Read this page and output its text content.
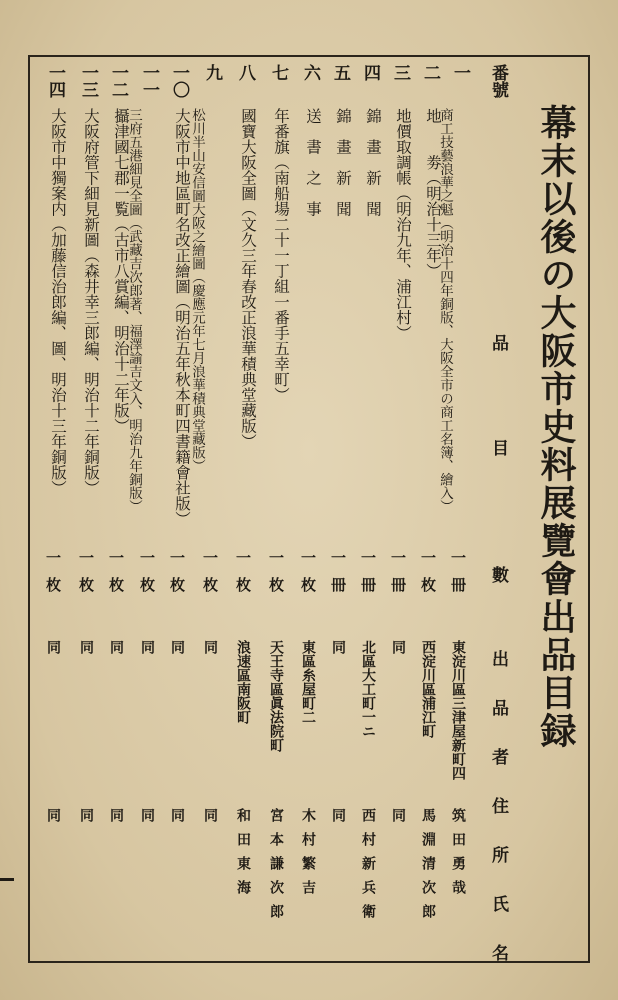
幕末以後の大阪市史料展覽會出品目録
番號
品　　　　目
數
出 品 者 住 所 氏 名
一
商工技藝浪華之魁（明治十四年銅版、大阪全市の商工名簿、繪入）
一冊
東淀川區三津屋新町四
筑田勇哉
二
地　　劵（明治十三年）
一枚
西淀川區浦江町
馬淵清次郎
三
地價取調帳（明治九年、浦江村）
一冊
同
同
四
錦　畫　新　聞
一冊
北區大工町一ニ
西村新兵衛
五
錦　畫　新　聞
一冊
同
同
六
送　書　之　事
一枚
東區糸屋町二
木村繁吉
七
年番旗（南船場二十一丁組一番手五幸町）
一枚
天王寺區眞法院町
宮本謙次郎
八
國寶大阪全圖（文久三年春改正浪華積典堂藏版）
一枚
浪速區南阪町
和田東海
九
松川半山安信圖大阪之繪圖（慶應元年七月浪華積典堂藏版）
一枚
同
同
一〇
大阪市中地區町名改正繪圖（明治五年秋本町四書籍會社版）
一枚
同
同
一一
三府五港細見全圖（武藏吉次郎著、福澤諭吉文入、明治九年銅版）
一枚
同
同
一二
攝津國七郡一覧（古市八賞編、明治十二年版）
一枚
同
同
一三
大阪府管下細見新圖（森井幸三郎編、明治十二年銅版）
一枚
同
同
一四
大阪市中獨案内（加藤信治郎編、圖、明治十三年銅版）
一枚
同
同
